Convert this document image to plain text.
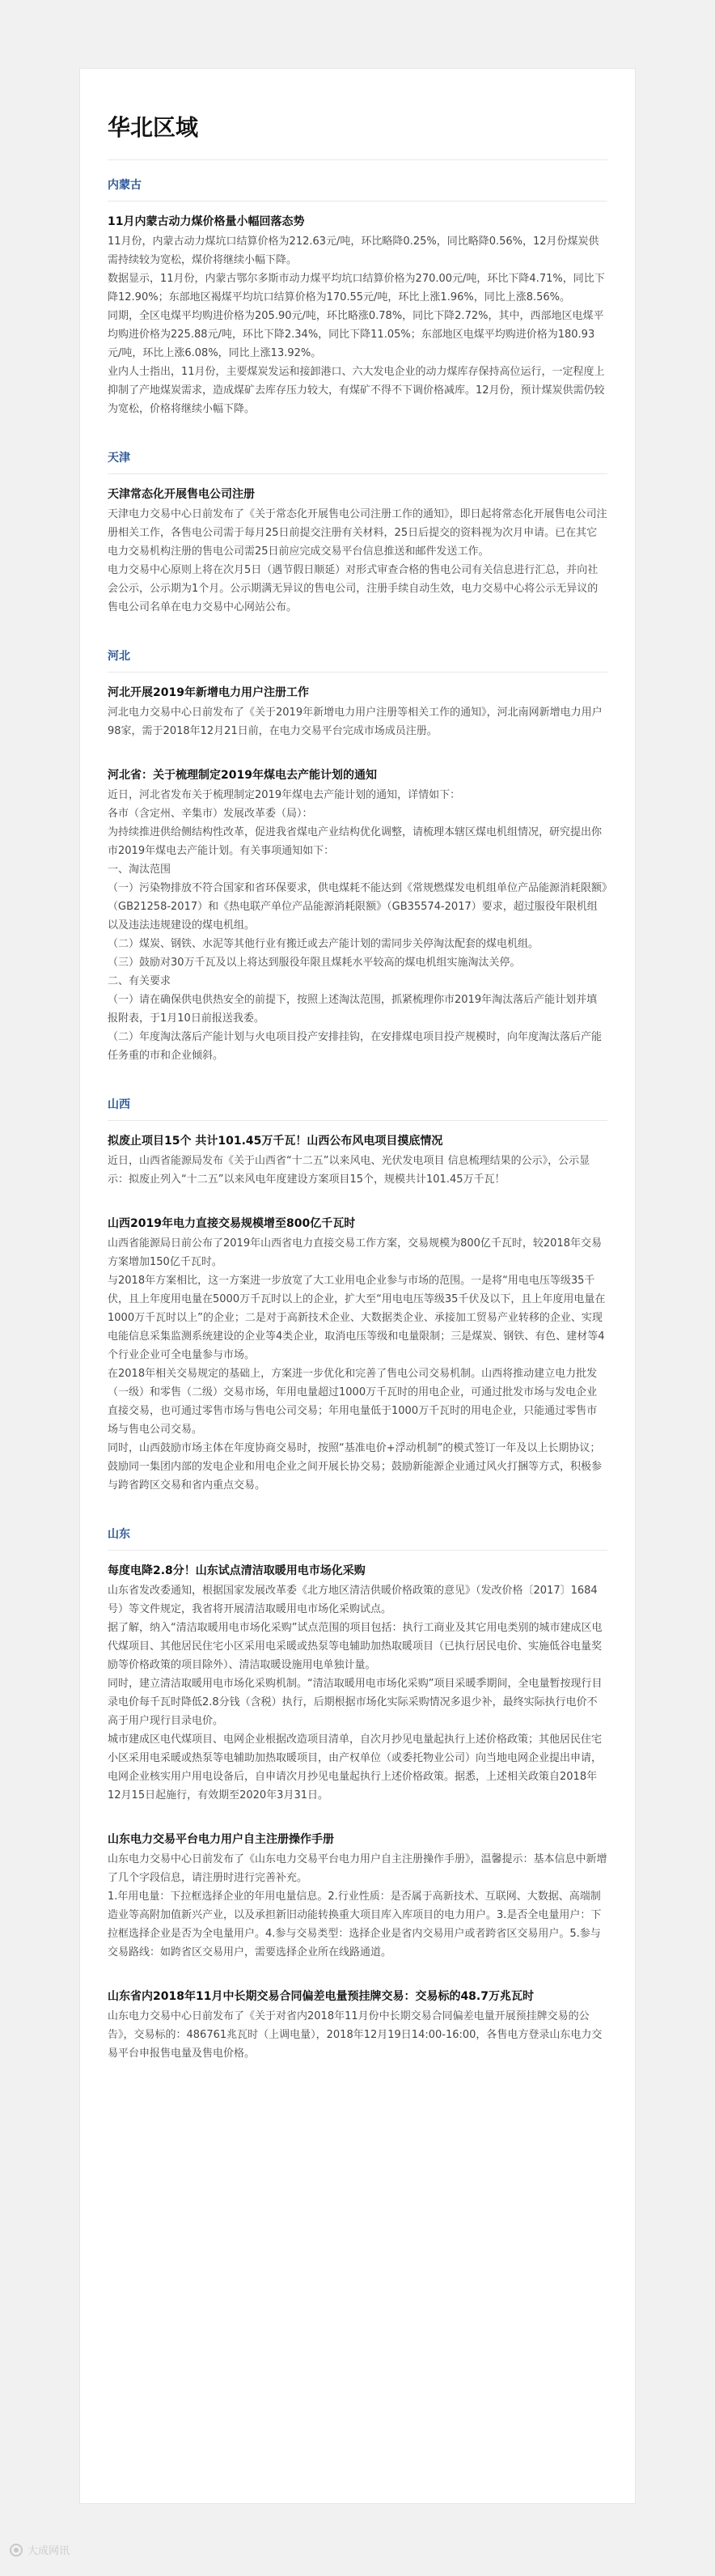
华北区域
内蒙古
11月内蒙古动力煤价格量小幅回落态势

11月份，内蒙古动力煤坑口结算价格为212.63元/吨，环比略降0.25%，同比略降0.56%，12月份煤炭供需持续较为宽松，煤价将继续小幅下降。

数据显示，11月份，内蒙古鄂尔多斯市动力煤平均坑口结算价格为270.00元/吨，环比下降4.71%，同比下降12.90%；东部地区褐煤平均坑口结算价格为170.55元/吨，环比上涨1.96%，同比上涨8.56%。

同期，全区电煤平均购进价格为205.90元/吨，环比略涨0.78%，同比下降2.72%，其中，西部地区电煤平均购进价格为225.88元/吨，环比下降2.34%，同比下降11.05%；东部地区电煤平均购进价格为180.93元/吨，环比上涨6.08%，同比上涨13.92%。

业内人士指出，11月份，主要煤炭发运和接卸港口、六大发电企业的动力煤库存保持高位运行，一定程度上抑制了产地煤炭需求，造成煤矿去库存压力较大，有煤矿不得不下调价格减库。12月份，预计煤炭供需仍较为宽松，价格将继续小幅下降。

天津
天津常态化开展售电公司注册

天津电力交易中心日前发布了《关于常态化开展售电公司注册工作的通知》，即日起将常态化开展售电公司注册相关工作，各售电公司需于每月25日前提交注册有关材料，25日后提交的资料视为次月申请。已在其它电力交易机构注册的售电公司需25日前应完成交易平台信息推送和邮件发送工作。

电力交易中心原则上将在次月5日（遇节假日顺延）对形式审查合格的售电公司有关信息进行汇总，并向社会公示，公示期为1个月。公示期满无异议的售电公司，注册手续自动生效，电力交易中心将公示无异议的售电公司名单在电力交易中心网站公布。

河北
河北开展2019年新增电力用户注册工作

河北电力交易中心日前发布了《关于2019年新增电力用户注册等相关工作的通知》，河北南网新增电力用户98家，需于2018年12月21日前，在电力交易平台完成市场成员注册。

河北省：关于梳理制定2019年煤电去产能计划的通知

近日，河北省发布关于梳理制定2019年煤电去产能计划的通知，详情如下：

各市（含定州、辛集市）发展改革委（局）：

为持续推进供给侧结构性改革，促进我省煤电产业结构优化调整，请梳理本辖区煤电机组情况，研究提出你市2019年煤电去产能计划。有关事项通知如下：

一、淘汰范围

（一）污染物排放不符合国家和省环保要求，供电煤耗不能达到《常规燃煤发电机组单位产品能源消耗限额》（GB21258-2017）和《热电联产单位产品能源消耗限额》（GB35574-2017）要求，超过服役年限机组以及违法违规建设的煤电机组。

（二）煤炭、钢铁、水泥等其他行业有搬迁或去产能计划的需同步关停淘汰配套的煤电机组。

（三）鼓励对30万千瓦及以上将达到服役年限且煤耗水平较高的煤电机组实施淘汰关停。

二、有关要求

（一）请在确保供电供热安全的前提下，按照上述淘汰范围，抓紧梳理你市2019年淘汰落后产能计划并填报附表，于1月10日前报送我委。

（二）年度淘汰落后产能计划与火电项目投产安排挂钩，在安排煤电项目投产规模时，向年度淘汰落后产能任务重的市和企业倾斜。

山西
拟废止项目15个 共计101.45万千瓦！山西公布风电项目摸底情况

近日，山西省能源局发布《关于山西省“十二五”以来风电、光伏发电项目 信息梳理结果的公示》，公示显示：拟废止列入“十二五”以来风电年度建设方案项目15个，规模共计101.45万千瓦！

山西2019年电力直接交易规模增至800亿千瓦时

山西省能源局日前公布了2019年山西省电力直接交易工作方案，交易规模为800亿千瓦时，较2018年交易方案增加150亿千瓦时。

与2018年方案相比，这一方案进一步放宽了大工业用电企业参与市场的范围。一是将“用电电压等级35千伏，且上年度用电量在5000万千瓦时以上的企业，扩大至“用电电压等级35千伏及以下，且上年度用电量在1000万千瓦时以上”的企业；二是对于高新技术企业、大数据类企业、承接加工贸易产业转移的企业、实现电能信息采集监测系统建设的企业等4类企业，取消电压等级和电量限制；三是煤炭、钢铁、有色、建材等4个行业企业可全电量参与市场。

在2018年相关交易规定的基础上，方案进一步优化和完善了售电公司交易机制。山西将推动建立电力批发（一级）和零售（二级）交易市场，年用电量超过1000万千瓦时的用电企业，可通过批发市场与发电企业直接交易，也可通过零售市场与售电公司交易；年用电量低于1000万千瓦时的用电企业，只能通过零售市场与售电公司交易。

同时，山西鼓励市场主体在年度协商交易时，按照“基准电价+浮动机制”的模式签订一年及以上长期协议；鼓励同一集团内部的发电企业和用电企业之间开展长协交易；鼓励新能源企业通过风火打捆等方式，积极参与跨省跨区交易和省内重点交易。

山东
每度电降2.8分！山东试点清洁取暖用电市场化采购

山东省发改委通知，根据国家发展改革委《北方地区清洁供暖价格政策的意见》（发改价格〔2017〕1684号）等文件规定，我省将开展清洁取暖用电市场化采购试点。

据了解，纳入“清洁取暖用电市场化采购”试点范围的项目包括：执行工商业及其它用电类别的城市建成区电代煤项目、其他居民住宅小区采用电采暖或热泵等电辅助加热取暖项目（已执行居民电价、实施低谷电量奖励等价格政策的项目除外）、清洁取暖设施用电单独计量。

同时，建立清洁取暖用电市场化采购机制。“清洁取暖用电市场化采购”项目采暖季期间，全电量暂按现行目录电价每千瓦时降低2.8分钱（含税）执行，后期根据市场化实际采购情况多退少补，最终实际执行电价不高于用户现行目录电价。

城市建成区电代煤项目、电网企业根据改造项目清单，自次月抄见电量起执行上述价格政策；其他居民住宅小区采用电采暖或热泵等电辅助加热取暖项目，由产权单位（或委托物业公司）向当地电网企业提出申请，电网企业核实用户用电设备后，自申请次月抄见电量起执行上述价格政策。据悉，上述相关政策自2018年12月15日起施行，有效期至2020年3月31日。

山东电力交易平台电力用户自主注册操作手册

山东电力交易中心日前发布了《山东电力交易平台电力用户自主注册操作手册》，温馨提示：基本信息中新增了几个字段信息，请注册时进行完善补充。

1.年用电量：下拉框选择企业的年用电量信息。2.行业性质：是否属于高新技术、互联网、大数据、高端制造业等高附加值新兴产业，以及承担新旧动能转换重大项目库入库项目的电力用户。3.是否全电量用户：下拉框选择企业是否为全电量用户。4.参与交易类型：选择企业是省内交易用户或者跨省区交易用户。5.参与交易路线：如跨省区交易用户，需要选择企业所在线路通道。

山东省内2018年11月中长期交易合同偏差电量预挂牌交易：交易标的48.7万兆瓦时

山东电力交易中心日前发布了《关于对省内2018年11月份中长期交易合同偏差电量开展预挂牌交易的公告》，交易标的：486761兆瓦时（上调电量），2018年12月19日14:00-16:00，各售电方登录山东电力交易平台申报售电量及售电价格。

大成网讯
